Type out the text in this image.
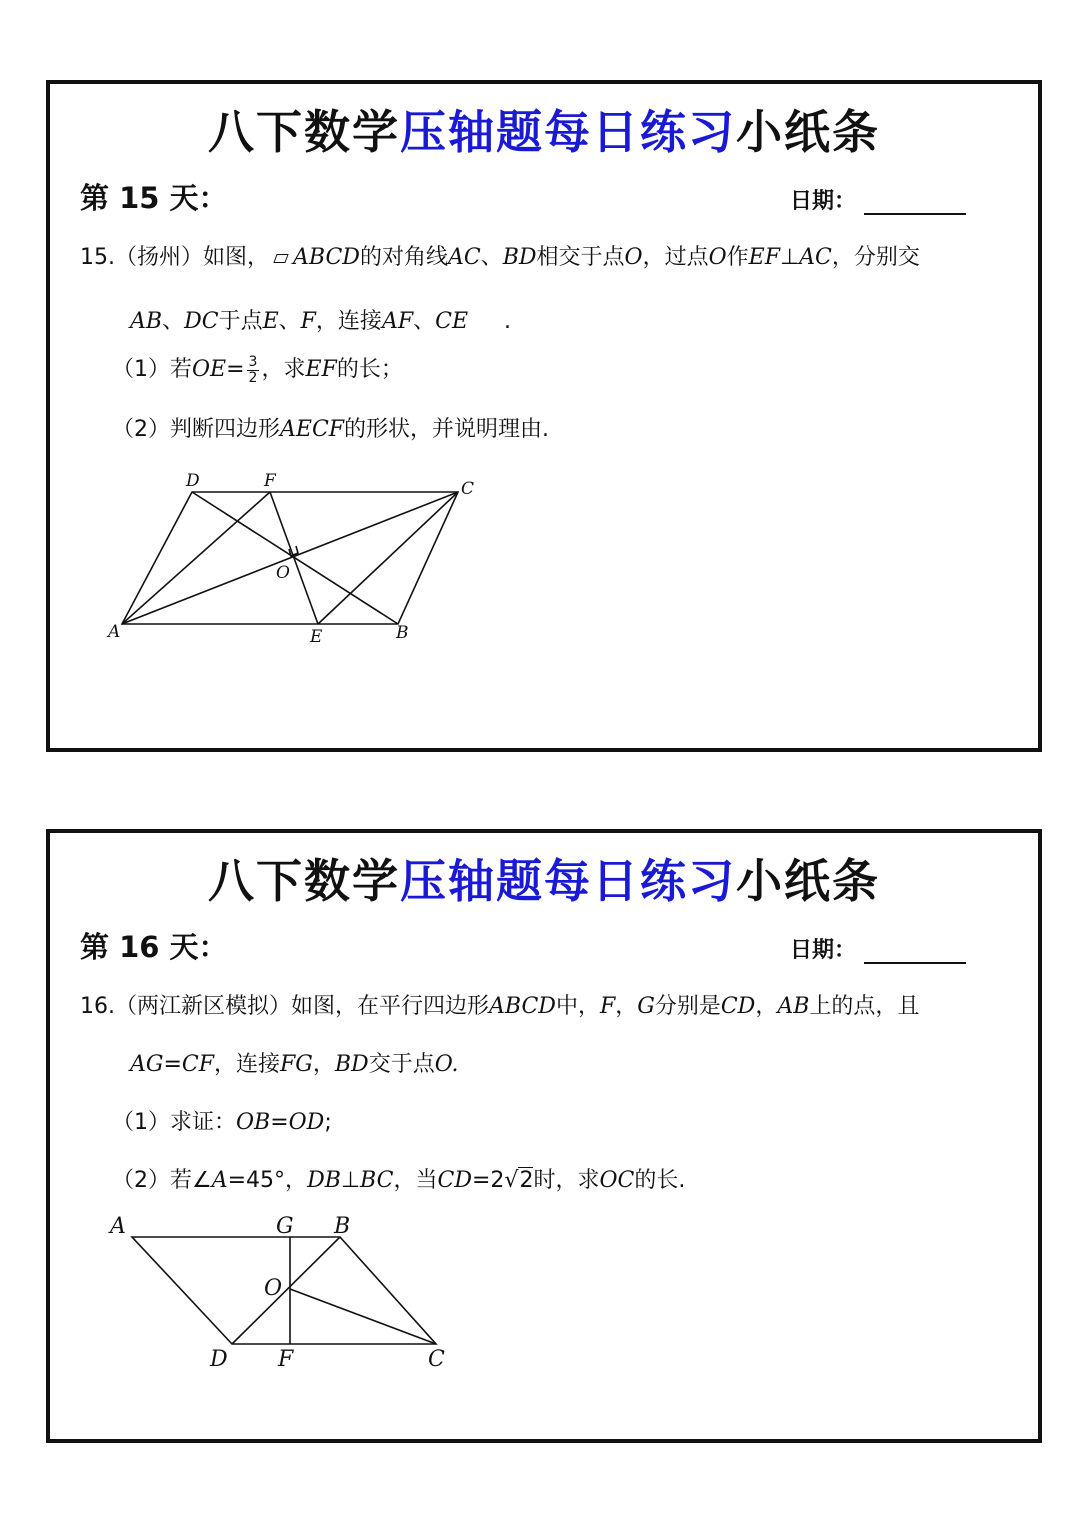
八下数学压轴题每日练习小纸条
第 15 天：	日期：
15.（扬州）如图， ABCD的对角线AC、BD相交于点O，过点O作EF⊥AC，分别交
AB、DC于点E、F，连接AF、CE .
（1）若$OE= \frac{3}{2}$ ，求EF的长；
（2）判断四边形AECF的形状，并说明理由.
D	F	C
O
A	E	B
八下数学压轴题每日练习小纸条
第 16 天：	日期：
16.（两江新区模拟）如图，在平行四边形ABCD中，F，G分别是CD，AB上的点，且
AG=CF，连接FG，BD交于点O.
（1）求证：OB=OD;
（2）若∠A=45°，DB⊥BC，当CD=2√2时，求OC的长.
A	G B
O
D F	C
